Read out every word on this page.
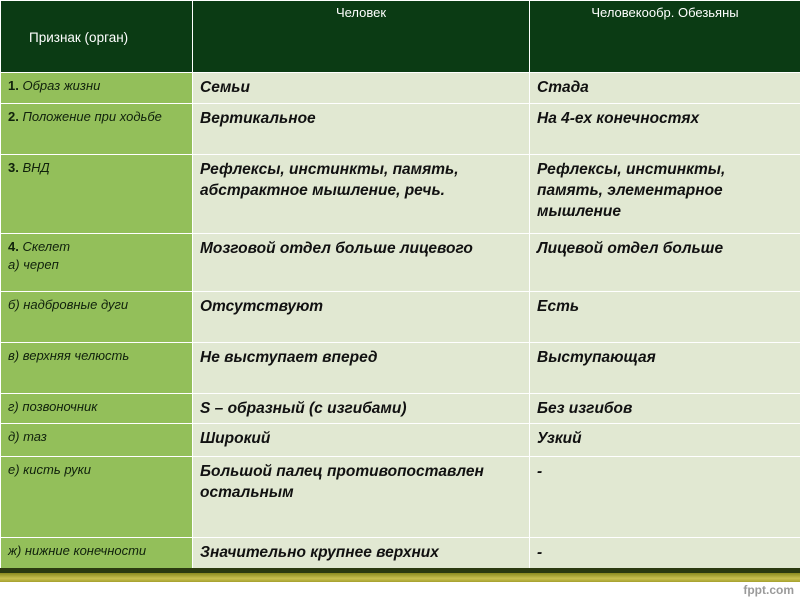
Признак (орган)	Человек	Человекообр. Обезьяны
1. Образ жизни	Семьи	Стада
2. Положение при ходьбе	Вертикальное	На 4-ех конечностях
3. ВНД	Рефлексы, инстинкты, память, абстрактное мышление, речь.	Рефлексы, инстинкты, память, элементарное мышление
4. Скелет
а) череп	Мозговой отдел больше лицевого	Лицевой отдел больше
б) надбровные дуги	Отсутствуют	Есть
в) верхняя челюсть	Не выступает вперед	Выступающая
г) позвоночник	S – образный (с изгибами)	Без изгибов
д) таз	Широкий	Узкий
е) кисть руки	Большой палец противопоставлен остальным	-
ж) нижние конечности	Значительно крупнее верхних	-
fppt.com
